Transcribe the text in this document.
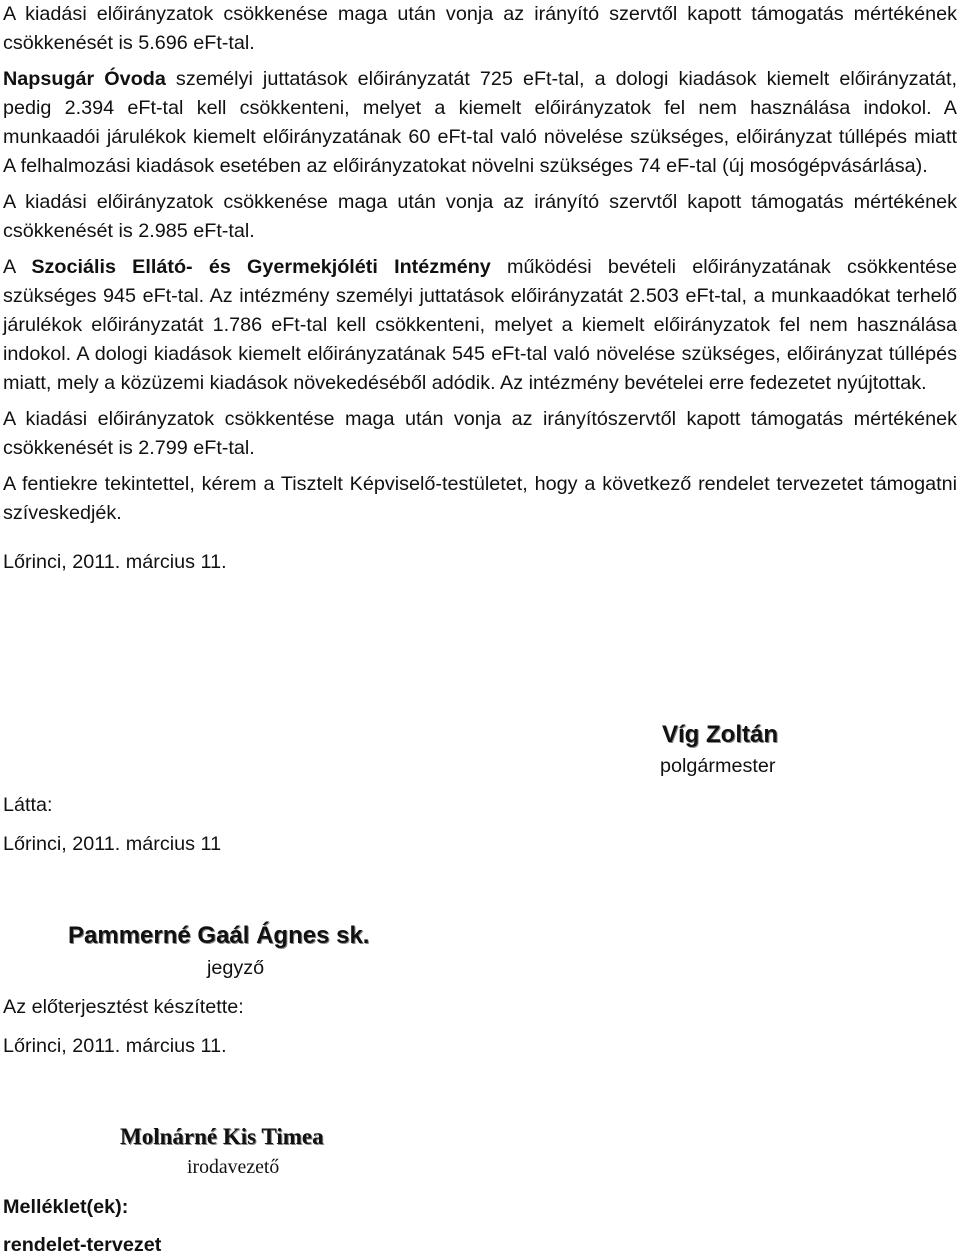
A kiadási előirányzatok csökkenése maga után vonja az irányító szervtől kapott támogatás mértékének csökkenését is 5.696 eFt-tal.

Napsugár Óvoda személyi juttatások előirányzatát 725 eFt-tal, a dologi kiadások kiemelt előirányzatát, pedig 2.394 eFt-tal kell csökkenteni, melyet a kiemelt előirányzatok fel nem használása indokol. A munkaadói járulékok kiemelt előirányzatának 60 eFt-tal való növelése szükséges, előirányzat túllépés miatt A felhalmozási kiadások esetében az előirányzatokat növelni szükséges 74 eF-tal (új mosógépvásárlása).

A kiadási előirányzatok csökkenése maga után vonja az irányító szervtől kapott támogatás mértékének csökkenését is 2.985 eFt-tal.

A Szociális Ellátó- és Gyermekjóléti Intézmény működési bevételi előirányzatának csökkentése szükséges 945 eFt-tal. Az intézmény személyi juttatások előirányzatát 2.503 eFt-tal, a munkaadókat terhelő járulékok előirányzatát 1.786 eFt-tal kell csökkenteni, melyet a kiemelt előirányzatok fel nem használása indokol. A dologi kiadások kiemelt előirányzatának 545 eFt-tal való növelése szükséges, előirányzat túllépés miatt, mely a közüzemi kiadások növekedéséből adódik. Az intézmény bevételei erre fedezetet nyújtottak.

A kiadási előirányzatok csökkentése maga után vonja az irányítószervtől kapott támogatás mértékének csökkenését is 2.799 eFt-tal.

A fentiekre tekintettel, kérem a Tisztelt Képviselő-testületet, hogy a következő rendelet tervezetet támogatni szíveskedjék.

Lőrinci, 2011. március 11.

Víg Zoltán
polgármester
Látta:
Lőrinci, 2011. március 11
Pammerné Gaál Ágnes sk.
jegyző
Az előterjesztést készítette:
Lőrinci, 2011. március 11.
Molnárné Kis Timea
irodavezető
Melléklet(ek):
rendelet-tervezet
